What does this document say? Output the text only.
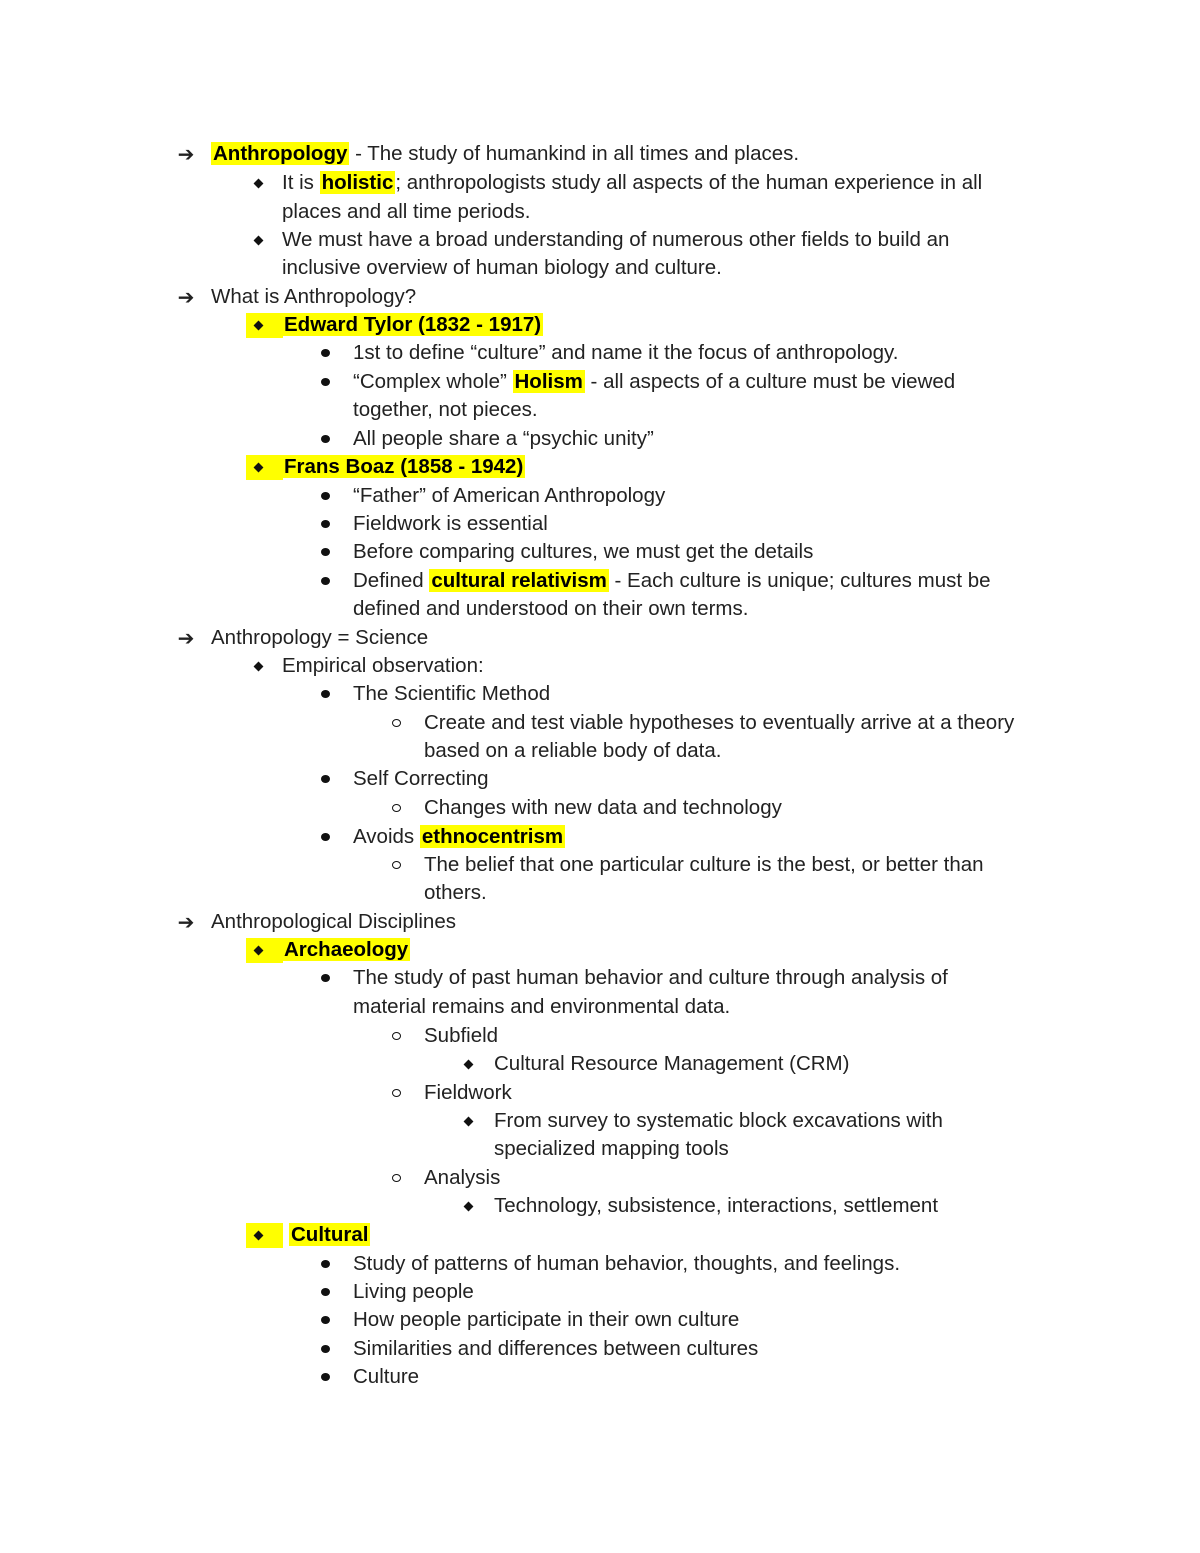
➔ Anthropology - The study of humankind in all times and places.
It is holistic; anthropologists study all aspects of the human experience in all
places and all time periods.
We must have a broad understanding of numerous other fields to build an
inclusive overview of human biology and culture.
➔ What is Anthropology?
Edward Tylor (1832 - 1917)
1st to define “culture” and name it the focus of anthropology.
“Complex whole” Holism - all aspects of a culture must be viewed
together, not pieces.
All people share a “psychic unity”
Frans Boaz (1858 - 1942)
“Father” of American Anthropology
Fieldwork is essential
Before comparing cultures, we must get the details
Defined cultural relativism - Each culture is unique; cultures must be
defined and understood on their own terms.
➔ Anthropology = Science
Empirical observation:
The Scientific Method
Create and test viable hypotheses to eventually arrive at a theory
based on a reliable body of data.
Self Correcting
Changes with new data and technology
Avoids ethnocentrism
The belief that one particular culture is the best, or better than
others.
➔ Anthropological Disciplines
Archaeology
The study of past human behavior and culture through analysis of
material remains and environmental data.
Subfield
Cultural Resource Management (CRM)
Fieldwork
From survey to systematic block excavations with
specialized mapping tools
Analysis
Technology, subsistence, interactions, settlement
Cultural
Study of patterns of human behavior, thoughts, and feelings.
Living people
How people participate in their own culture
Similarities and differences between cultures
Culture
